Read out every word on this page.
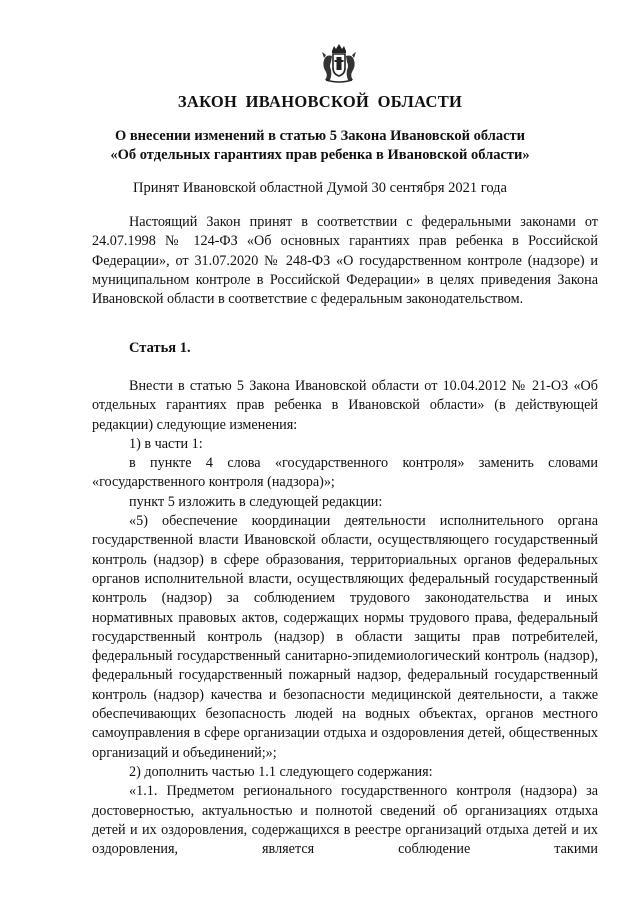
ЗАКОН ИВАНОВСКОЙ ОБЛАСТИ
О внесении изменений в статью 5 Закона Ивановской области
«Об отдельных гарантиях прав ребенка в Ивановской области»
Принят Ивановской областной Думой 30 сентября 2021 года

Настоящий Закон принят в соответствии с федеральными законами от 24.07.1998 № 124-ФЗ «Об основных гарантиях прав ребенка в Российской Федерации», от 31.07.2020 № 248-ФЗ «О государственном контроле (надзоре) и муниципальном контроле в Российской Федерации» в целях приведения Закона Ивановской области в соответствие с федеральным законодательством.

Статья 1.

Внести в статью 5 Закона Ивановской области от 10.04.2012 № 21-ОЗ «Об отдельных гарантиях прав ребенка в Ивановской области» (в действующей редакции) следующие изменения:

1) в части 1:

в пункте 4 слова «государственного контроля» заменить словами «государственного контроля (надзора)»;

пункт 5 изложить в следующей редакции:

«5) обеспечение координации деятельности исполнительного органа государственной власти Ивановской области, осуществляющего государственный контроль (надзор) в сфере образования, территориальных органов федеральных органов исполнительной власти, осуществляющих федеральный государственный контроль (надзор) за соблюдением трудового законодательства и иных нормативных правовых актов, содержащих нормы трудового права, федеральный государственный контроль (надзор) в области защиты прав потребителей, федеральный государственный санитарно-эпидемиологический контроль (надзор), федеральный государственный пожарный надзор, федеральный государственный контроль (надзор) качества и безопасности медицинской деятельности, а также обеспечивающих безопасность людей на водных объектах, органов местного самоуправления в сфере организации отдыха и оздоровления детей, общественных организаций и объединений;»;

2) дополнить частью 1.1 следующего содержания:

«1.1. Предметом регионального государственного контроля (надзора) за достоверностью, актуальностью и полнотой сведений об организациях отдыха детей и их оздоровления, содержащихся в реестре организаций отдыха детей и их оздоровления, является соблюдение такими
